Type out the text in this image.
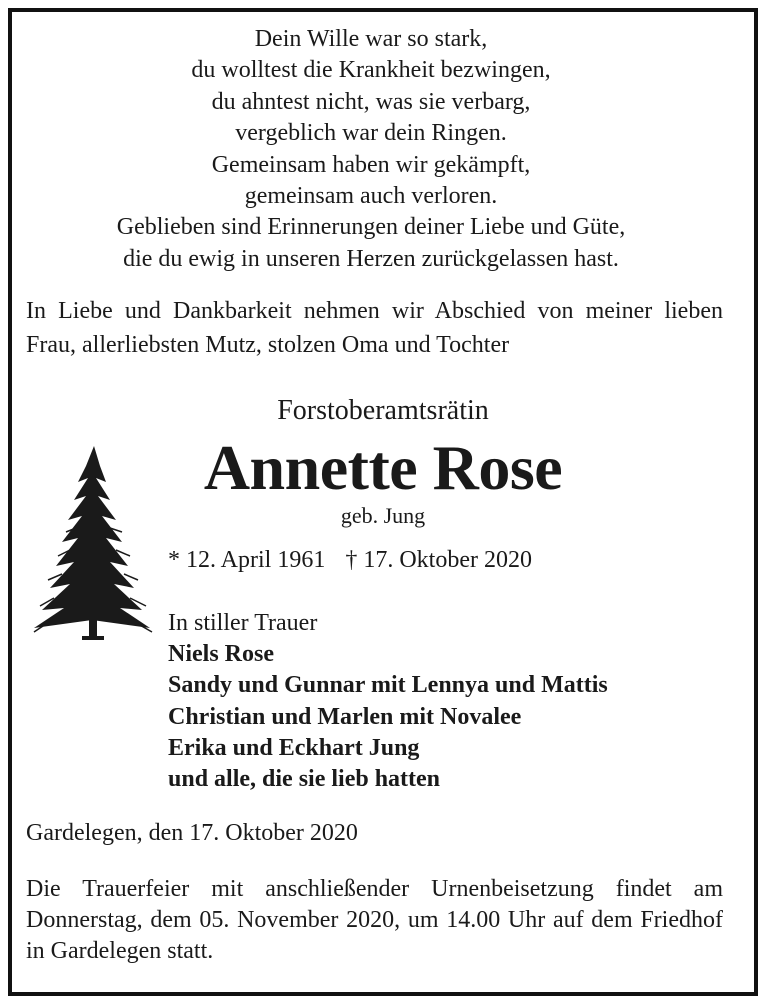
Dein Wille war so stark,
du wolltest die Krankheit bezwingen,
du ahntest nicht, was sie verbarg,
vergeblich war dein Ringen.
Gemeinsam haben wir gekämpft,
gemeinsam auch verloren.
Geblieben sind Erinnerungen deiner Liebe und Güte,
die du ewig in unseren Herzen zurückgelassen hast.
In Liebe und Dankbarkeit nehmen wir Abschied von meiner lieben Frau, allerliebsten Mutz, stolzen Oma und Tochter
Forstoberamtsrätin
Annette Rose
geb. Jung
* 12. April 1961 † 17. Oktober 2020
In stiller Trauer
Niels Rose
Sandy und Gunnar mit Lennya und Mattis
Christian und Marlen mit Novalee
Erika und Eckhart Jung
und alle, die sie lieb hatten
Gardelegen, den 17. Oktober 2020
Die Trauerfeier mit anschließender Urnenbeisetzung findet am Donnerstag, dem 05. November 2020, um 14.00 Uhr auf dem Friedhof in Gardelegen statt.
